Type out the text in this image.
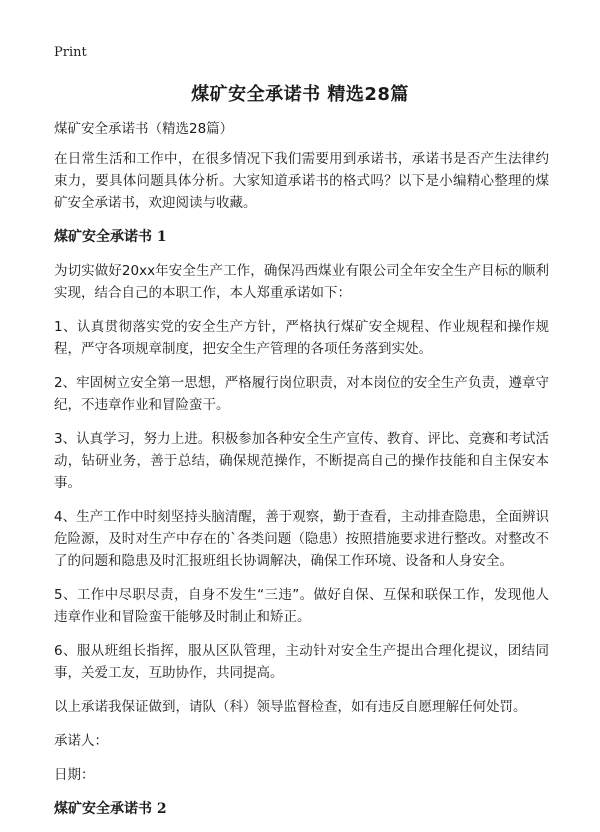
Print
煤矿安全承诺书 精选28篇

煤矿安全承诺书（精选28篇）

在日常生活和工作中，在很多情况下我们需要用到承诺书，承诺书是否产生法律约束力，要具体问题具体分析。大家知道承诺书的格式吗？以下是小编精心整理的煤矿安全承诺书，欢迎阅读与收藏。

煤矿安全承诺书 1

为切实做好20xx年安全生产工作，确保冯西煤业有限公司全年安全生产目标的顺利实现，结合自己的本职工作，本人郑重承诺如下：

1、认真贯彻落实党的安全生产方针，严格执行煤矿安全规程、作业规程和操作规程，严守各项规章制度，把安全生产管理的各项任务落到实处。

2、牢固树立安全第一思想，严格履行岗位职责，对本岗位的安全生产负责，遵章守纪，不违章作业和冒险蛮干。

3、认真学习，努力上进。积极参加各种安全生产宣传、教育、评比、竞赛和考试活动，钻研业务，善于总结，确保规范操作，不断提高自己的操作技能和自主保安本事。

4、生产工作中时刻坚持头脑清醒，善于观察，勤于查看，主动排查隐患，全面辨识危险源，及时对生产中存在的`各类问题（隐患）按照措施要求进行整改。对整改不了的问题和隐患及时汇报班组长协调解决，确保工作环境、设备和人身安全。

5、工作中尽职尽责，自身不发生“三违”。做好自保、互保和联保工作，发现他人违章作业和冒险蛮干能够及时制止和矫正。

6、服从班组长指挥，服从区队管理，主动针对安全生产提出合理化提议，团结同事，关爱工友，互助协作，共同提高。

以上承诺我保证做到，请队（科）领导监督检查，如有违反自愿理解任何处罚。

承诺人：

日期：

煤矿安全承诺书 2
